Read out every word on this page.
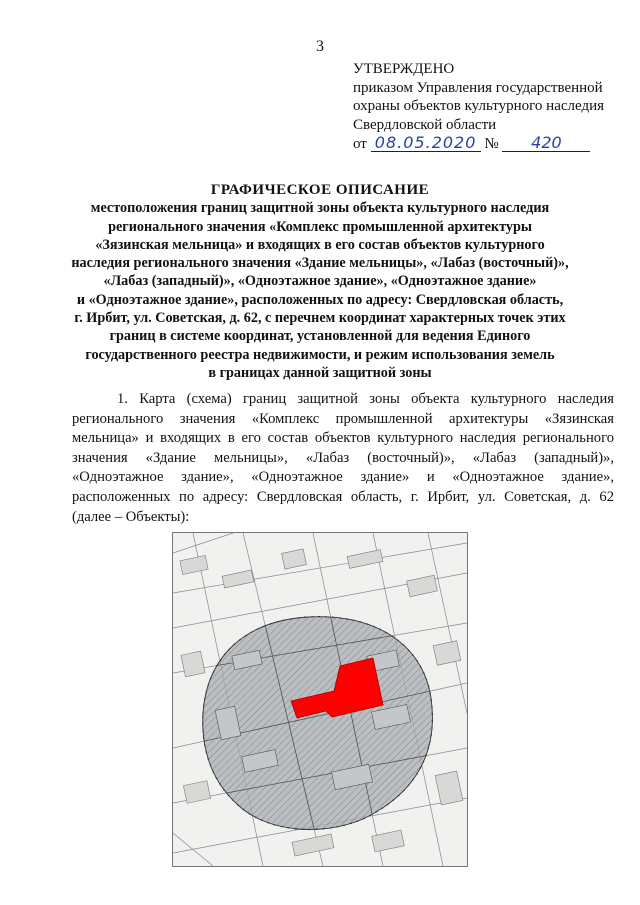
3
УТВЕРЖДЕНО
приказом Управления государственной
охраны объектов культурного наследия
Свердловской области
от 08.05.2020 № 420
ГРАФИЧЕСКОЕ ОПИСАНИЕ
местоположения границ защитной зоны объекта культурного наследия
регионального значения «Комплекс промышленной архитектуры
«Зязинская мельница» и входящих в его состав объектов культурного
наследия регионального значения «Здание мельницы», «Лабаз (восточный)»,
«Лабаз (западный)», «Одноэтажное здание», «Одноэтажное здание»
и «Одноэтажное здание», расположенных по адресу: Свердловская область,
г. Ирбит, ул. Советская, д. 62, с перечнем координат характерных точек этих
границ в системе координат, установленной для ведения Единого
государственного реестра недвижимости, и режим использования земель
в границах данной защитной зоны
1. Карта (схема) границ защитной зоны объекта культурного наследия
регионального значения «Комплекс промышленной архитектуры «Зязинская
мельница» и входящих в его состав объектов культурного наследия регионального
значения «Здание мельницы», «Лабаз (восточный)», «Лабаз (западный)»,
«Одноэтажное здание», «Одноэтажное здание» и «Одноэтажное здание»,
расположенных по адресу: Свердловская область, г. Ирбит, ул. Советская, д. 62
(далее – Объекты):
